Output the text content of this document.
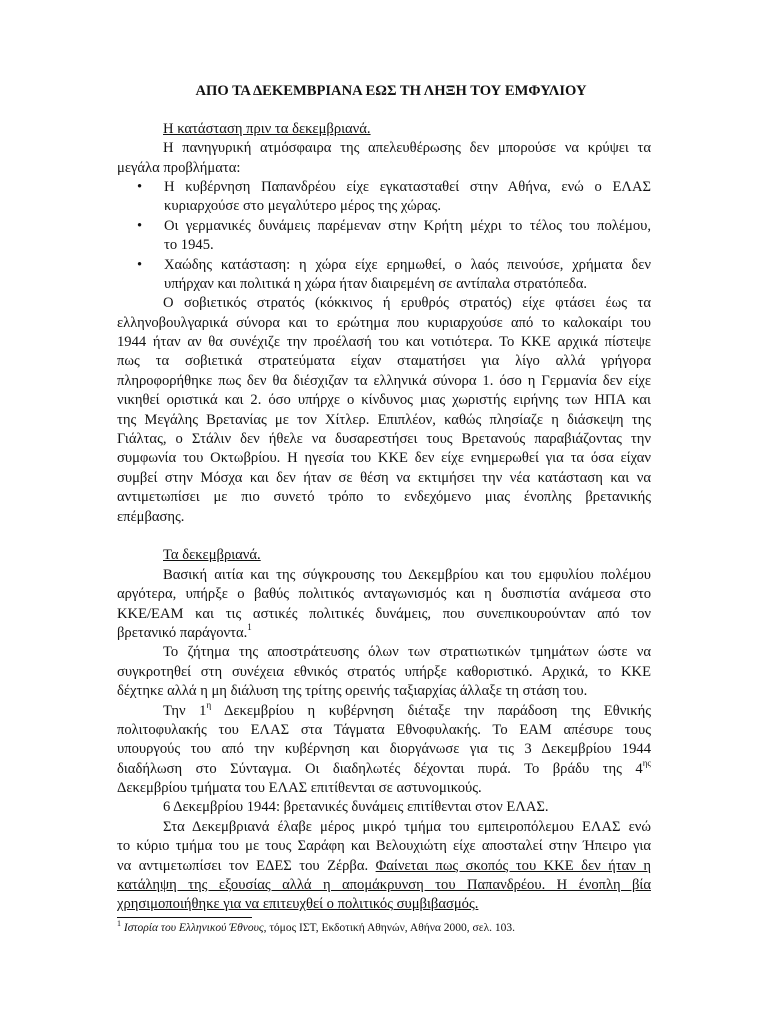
ΑΠΟ ΤΑ ΔΕΚΕΜΒΡΙΑΝΑ ΕΩΣ ΤΗ ΛΗΞΗ ΤΟΥ ΕΜΦΥΛΙΟΥ
Η κατάσταση πριν τα δεκεμβριανά.
Η πανηγυρική ατμόσφαιρα της απελευθέρωσης δεν μπορούσε να κρύψει τα
μεγάλα προβλήματα:
• Η κυβέρνηση Παπανδρέου είχε εγκατασταθεί στην Αθήνα, ενώ ο ΕΛΑΣ
κυριαρχούσε στο μεγαλύτερο μέρος της χώρας.
• Οι γερμανικές δυνάμεις παρέμεναν στην Κρήτη μέχρι το τέλος του πολέμου,
το 1945.
• Χαώδης κατάσταση: η χώρα είχε ερημωθεί, ο λαός πεινούσε, χρήματα δεν
υπήρχαν και πολιτικά η χώρα ήταν διαιρεμένη σε αντίπαλα στρατόπεδα.
Ο σοβιετικός στρατός (κόκκινος ή ερυθρός στρατός) είχε φτάσει έως τα
ελληνοβουλγαρικά σύνορα και το ερώτημα που κυριαρχούσε από το καλοκαίρι του
1944 ήταν αν θα συνέχιζε την προέλασή του και νοτιότερα. Το ΚΚΕ αρχικά πίστεψε
πως τα σοβιετικά στρατεύματα είχαν σταματήσει για λίγο αλλά γρήγορα
πληροφορήθηκε πως δεν θα διέσχιζαν τα ελληνικά σύνορα 1. όσο η Γερμανία δεν είχε
νικηθεί οριστικά και 2. όσο υπήρχε ο κίνδυνος μιας χωριστής ειρήνης των ΗΠΑ και
της Μεγάλης Βρετανίας με τον Χίτλερ. Επιπλέον, καθώς πλησίαζε η διάσκεψη της
Γιάλτας, ο Στάλιν δεν ήθελε να δυσαρεστήσει τους Βρετανούς παραβιάζοντας την
συμφωνία του Οκτωβρίου. Η ηγεσία του ΚΚΕ δεν είχε ενημερωθεί για τα όσα είχαν
συμβεί στην Μόσχα και δεν ήταν σε θέση να εκτιμήσει την νέα κατάσταση και να
αντιμετωπίσει με πιο συνετό τρόπο το ενδεχόμενο μιας ένοπλης βρετανικής
επέμβασης.
Τα δεκεμβριανά.
Βασική αιτία και της σύγκρουσης του Δεκεμβρίου και του εμφυλίου πολέμου
αργότερα, υπήρξε ο βαθύς πολιτικός ανταγωνισμός και η δυσπιστία ανάμεσα στο
ΚΚΕ/ΕΑΜ και τις αστικές πολιτικές δυνάμεις, που συνεπικουρούνταν από τον
βρετανικό παράγοντα.$^1$
Το ζήτημα της αποστράτευσης όλων των στρατιωτικών τμημάτων ώστε να
συγκροτηθεί στη συνέχεια εθνικός στρατός υπήρξε καθοριστικό. Αρχικά, το ΚΚΕ
δέχτηκε αλλά η μη διάλυση της τρίτης ορεινής ταξιαρχίας άλλαξε τη στάση του.
Την $1^\eta$ Δεκεμβρίου η κυβέρνηση διέταξε την παράδοση της Εθνικής
πολιτοφυλακής του ΕΛΑΣ στα Τάγματα Εθνοφυλακής. Το ΕΑΜ απέσυρε τους
υπουργούς του από την κυβέρνηση και διοργάνωσε για τις 3 Δεκεμβρίου 1944
διαδήλωση στο Σύνταγμα. Οι διαδηλωτές δέχονται πυρά. Το βράδυ της $4^{\eta\varsigma}$
Δεκεμβρίου τμήματα του ΕΛΑΣ επιτίθενται σε αστυνομικούς.
6 Δεκεμβρίου 1944: βρετανικές δυνάμεις επιτίθενται στον ΕΛΑΣ.
Στα Δεκεμβριανά έλαβε μέρος μικρό τμήμα του εμπειροπόλεμου ΕΛΑΣ ενώ
το κύριο τμήμα του με τους Σαράφη και Βελουχιώτη είχε αποσταλεί στην Ήπειρο για
να αντιμετωπίσει τον ΕΔΕΣ του Ζέρβα. Φαίνεται πως σκοπός του ΚΚΕ δεν ήταν η
κατάληψη της εξουσίας αλλά η απομάκρυνση του Παπανδρέου. Η ένοπλη βία
χρησιμοποιήθηκε για να επιτευχθεί ο πολιτικός συμβιβασμός.
$^1$ Ιστορία του Ελληνικού Έθνους, τόμος ΙΣΤ, Εκδοτική Αθηνών, Αθήνα 2000, σελ. 103.
